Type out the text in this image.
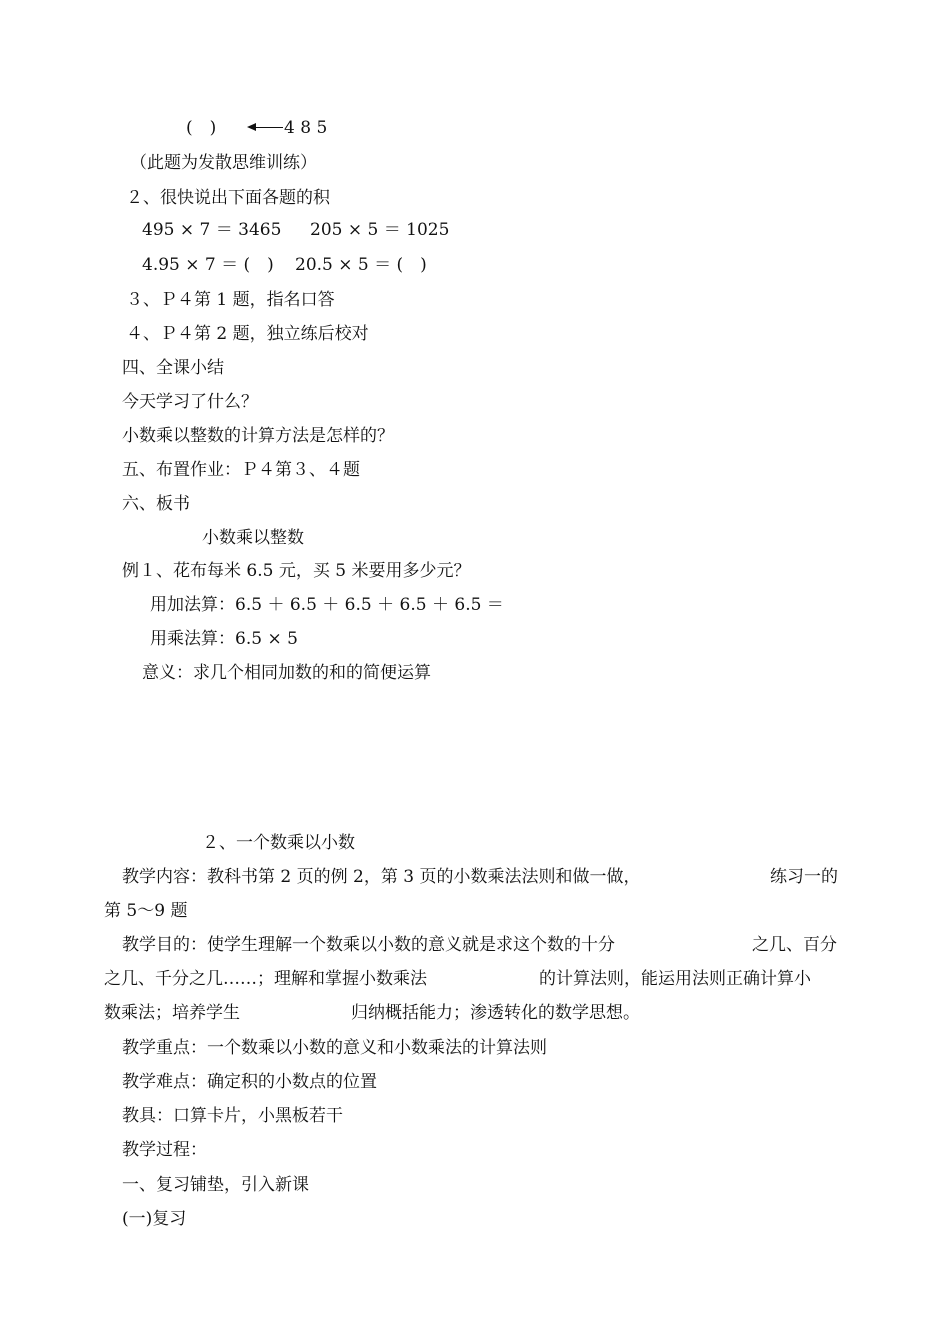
(　)	4 8 5
（此题为发散思维训练）
２、很快说出下面各题的积
495 × 7 ＝ 3465 205 × 5 ＝ 1025
4.95 × 7 ＝ (　) 20.5 × 5 ＝ (　)
３、Ｐ４第 1 题，指名口答
４、Ｐ４第 2 题，独立练后校对
四、全课小结
今天学习了什么？
小数乘以整数的计算方法是怎样的？
五、布置作业：Ｐ４第３、４题
六、板书
小数乘以整数
例１、花布每米 6.5 元，买 5 米要用多少元？
用加法算：6.5 ＋ 6.5 ＋ 6.5 ＋ 6.5 ＋ 6.5 ＝
用乘法算：6.5 × 5
意义：求几个相同加数的和的简便运算
２、一个数乘以小数
教学内容：教科书第 2 页的例 2，第 3 页的小数乘法法则和做一做，	练习一的
第 5～9 题
教学目的：使学生理解一个数乘以小数的意义就是求这个数的十分	之几、百分
之几、千分之几……；理解和掌握小数乘法	的计算法则，能运用法则正确计算小
数乘法；培养学生	归纳概括能力；渗透转化的数学思想。
教学重点：一个数乘以小数的意义和小数乘法的计算法则
教学难点：确定积的小数点的位置
教具：口算卡片，小黑板若干
教学过程：
一、复习铺垫，引入新课
(一)复习
